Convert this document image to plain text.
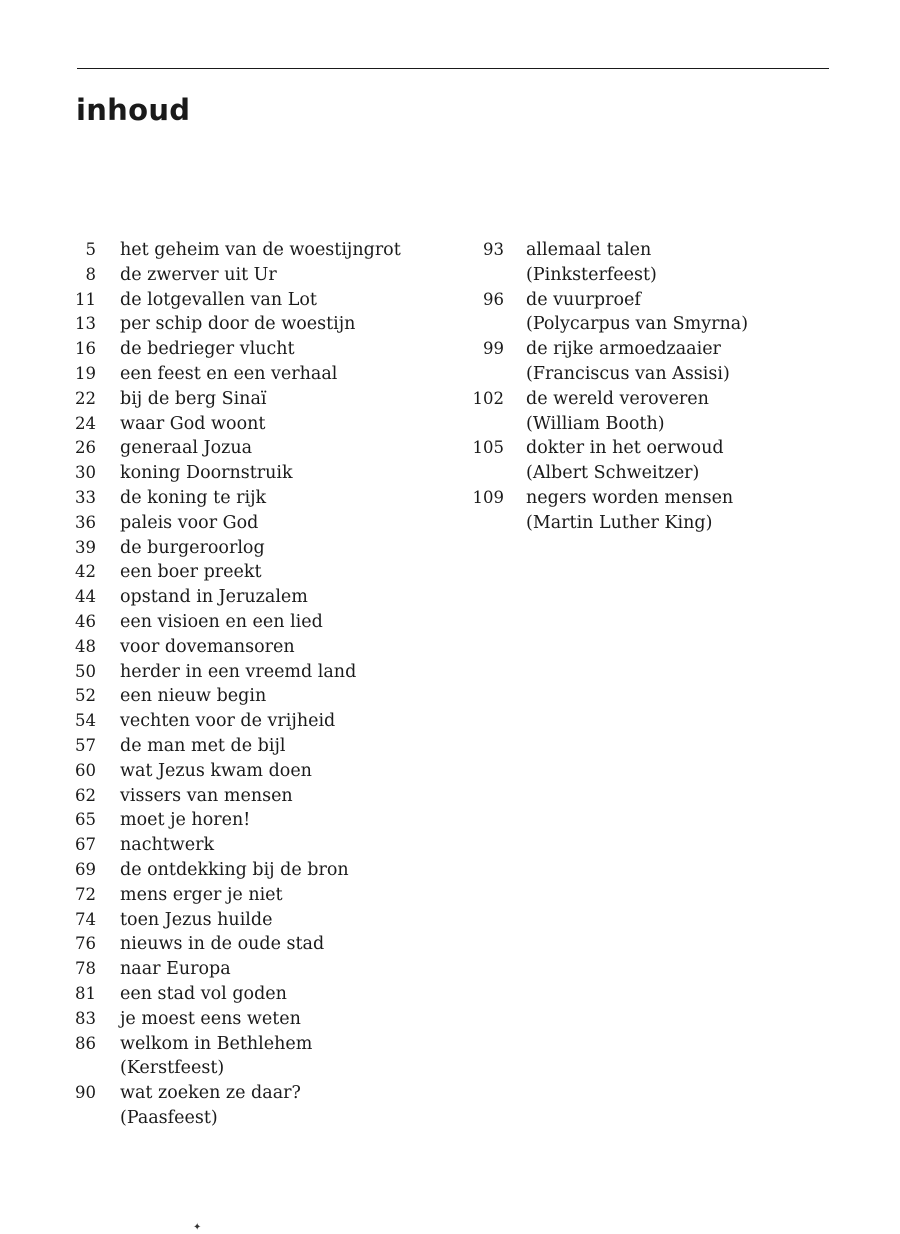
inhoud
5 het geheim van de woestijngrot
8 de zwerver uit Ur
11 de lotgevallen van Lot
13 per schip door de woestijn
16 de bedrieger vlucht
19 een feest en een verhaal
22 bij de berg Sinaï
24 waar God woont
26 generaal Jozua
30 koning Doornstruik
33 de koning te rijk
36 paleis voor God
39 de burgeroorlog
42 een boer preekt
44 opstand in Jeruzalem
46 een visioen en een lied
48 voor dovemansoren
50 herder in een vreemd land
52 een nieuw begin
54 vechten voor de vrijheid
57 de man met de bijl
60 wat Jezus kwam doen
62 vissers van mensen
65 moet je horen!
67 nachtwerk
69 de ontdekking bij de bron
72 mens erger je niet
74 toen Jezus huilde
76 nieuws in de oude stad
78 naar Europa
81 een stad vol goden
83 je moest eens weten
86 welkom in Bethlehem
(Kerstfeest)
90 wat zoeken ze daar?
(Paasfeest)
93 allemaal talen
(Pinksterfeest)
96 de vuurproef
(Polycarpus van Smyrna)
99 de rijke armoedzaaier
(Franciscus van Assisi)
102 de wereld veroveren
(William Booth)
105 dokter in het oerwoud
(Albert Schweitzer)
109 negers worden mensen
(Martin Luther King)
✦
